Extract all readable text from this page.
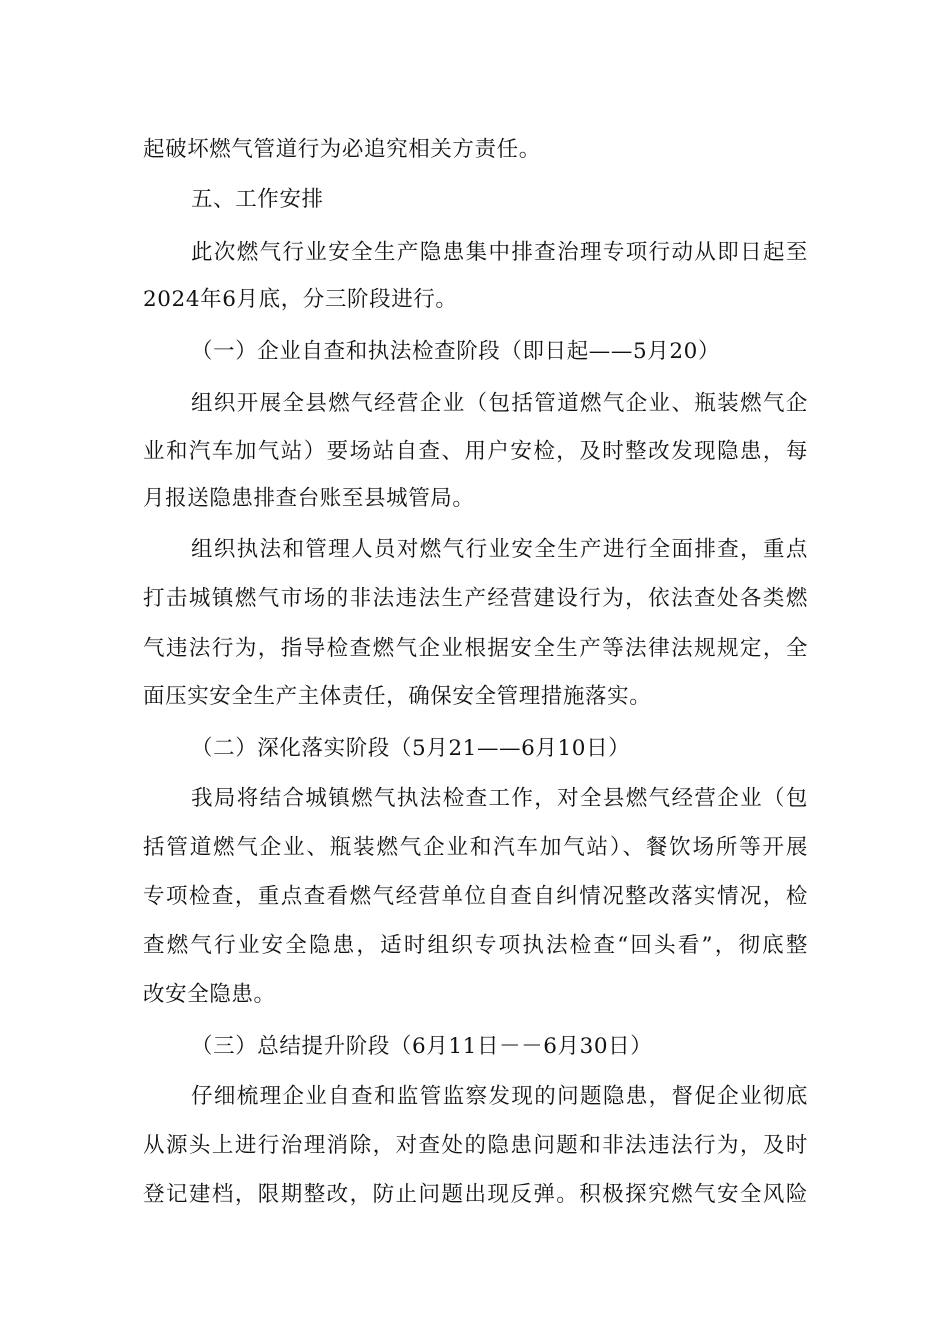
起破坏燃气管道行为必追究相关方责任。
五、工作安排
此次燃气行业安全生产隐患集中排查治理专项行动从即日起至
2024年6月底，分三阶段进行。
（一）企业自查和执法检查阶段（即日起——5月20）
组织开展全县燃气经营企业（包括管道燃气企业、瓶装燃气企
业和汽车加气站）要场站自查、用户安检，及时整改发现隐患，每
月报送隐患排查台账至县城管局。
组织执法和管理人员对燃气行业安全生产进行全面排查，重点
打击城镇燃气市场的非法违法生产经营建设行为，依法查处各类燃
气违法行为，指导检查燃气企业根据安全生产等法律法规规定，全
面压实安全生产主体责任，确保安全管理措施落实。
（二）深化落实阶段（5月21——6月10日）
我局将结合城镇燃气执法检查工作，对全县燃气经营企业（包
括管道燃气企业、瓶装燃气企业和汽车加气站）、餐饮场所等开展
专项检查，重点查看燃气经营单位自查自纠情况整改落实情况，检
查燃气行业安全隐患，适时组织专项执法检查“回头看”，彻底整
改安全隐患。
（三）总结提升阶段（6月11日－－6月30日）
仔细梳理企业自查和监管监察发现的问题隐患，督促企业彻底
从源头上进行治理消除，对查处的隐患问题和非法违法行为，及时
登记建档，限期整改，防止问题出现反弹。积极探究燃气安全风险
